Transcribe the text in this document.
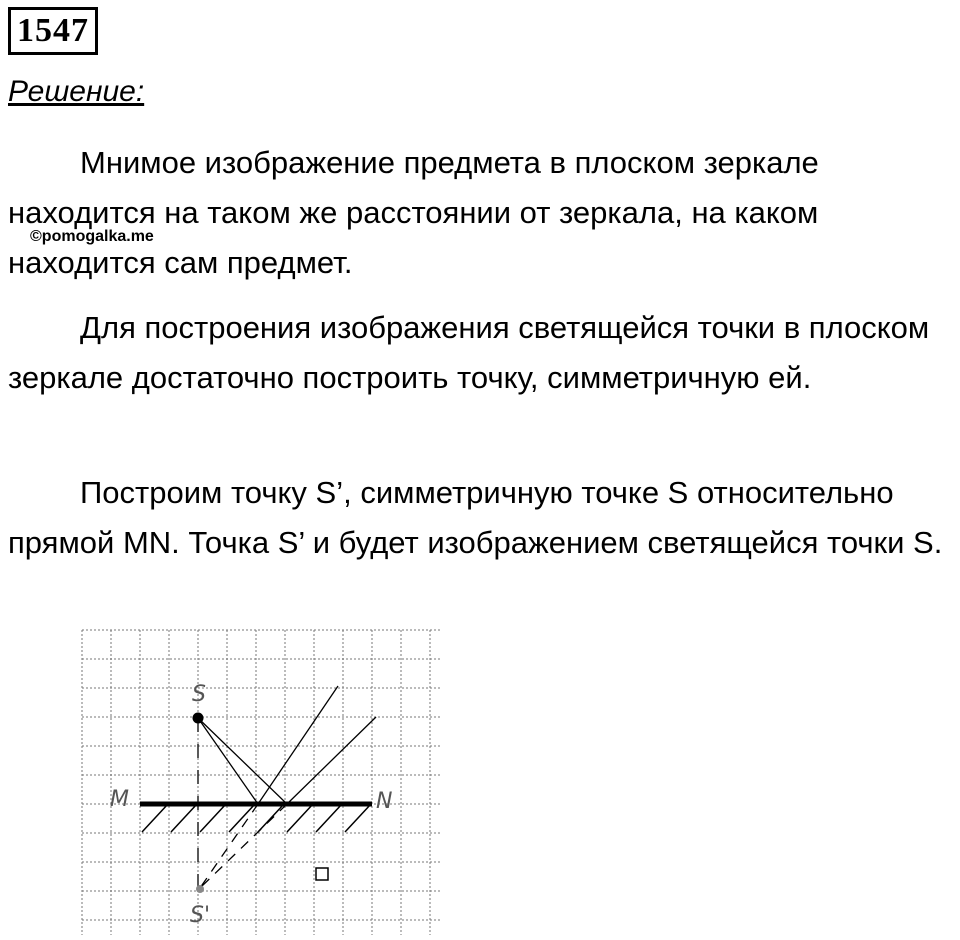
1547
Решение:

Мнимое изображение предмета в плоском зеркале находится на таком же расстоянии от зеркала, на каком находится сам предмет.

©pomogalka.me

Для построения изображения светящейся точки в плоском зеркале достаточно построить точку, симметричную ей.

Построим точку S’, симметричную точке S относительно прямой MN. Точка S’ и будет изображением светящейся точки S.

S
S'
M	N
